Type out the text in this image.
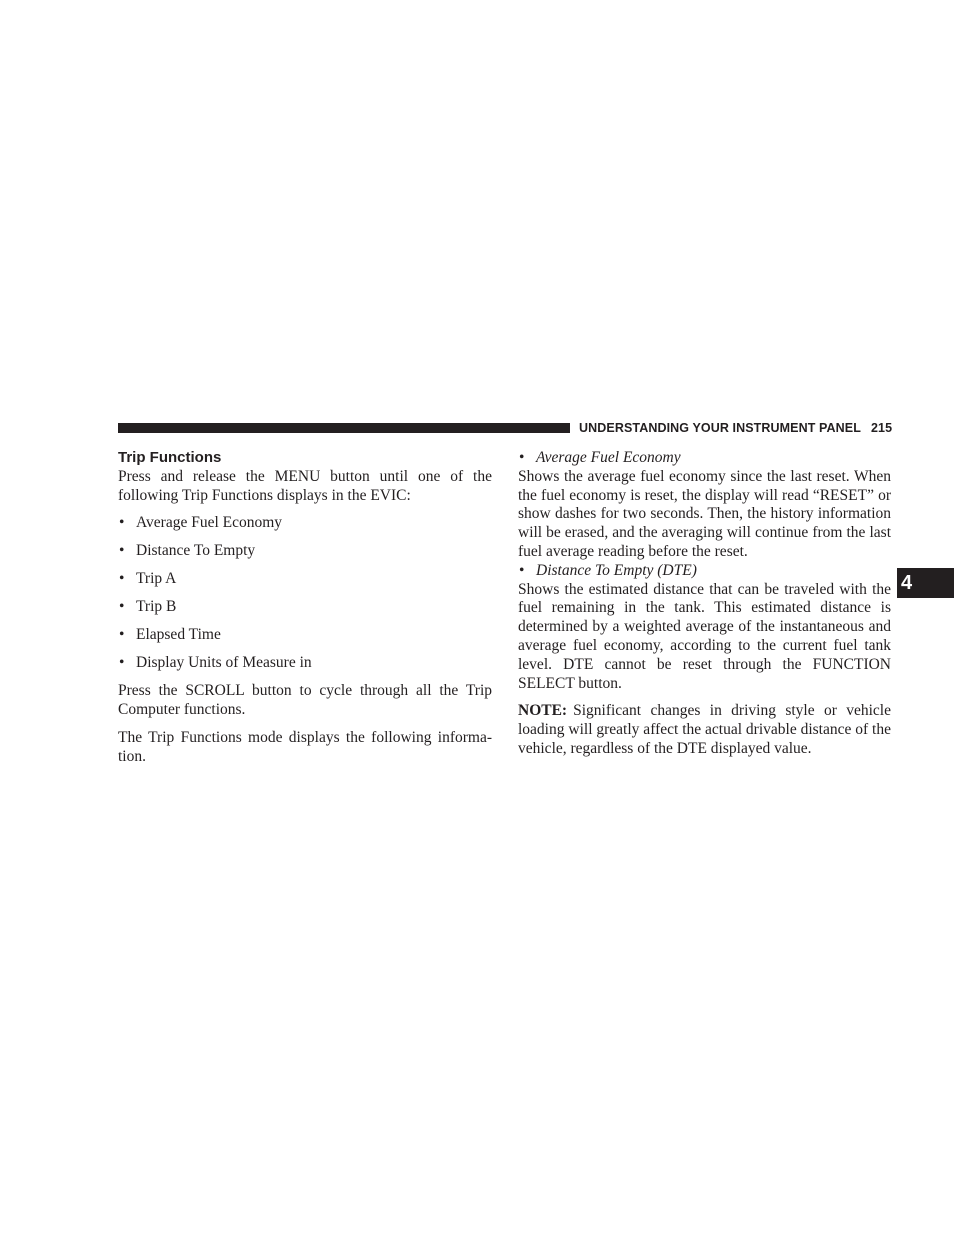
UNDERSTANDING YOUR INSTRUMENT PANEL 215
4
Trip Functions

Press and release the MENU button until one of the following Trip Functions displays in the EVIC:

• Average Fuel Economy
• Distance To Empty
• Trip A
• Trip B
• Elapsed Time
• Display Units of Measure in

Press the SCROLL button to cycle through all the Trip Computer functions.

The Trip Functions mode displays the following informa- tion.

• Average Fuel Economy

Shows the average fuel economy since the last reset. When the fuel economy is reset, the display will read “RESET” or show dashes for two seconds. Then, the history information will be erased, and the averaging will continue from the last fuel average reading before the reset.

• Distance To Empty (DTE)

Shows the estimated distance that can be traveled with the fuel remaining in the tank. This estimated distance is determined by a weighted average of the instantaneous and average fuel economy, according to the current fuel tank level. DTE cannot be reset through the FUNCTION SELECT button.

NOTE: Significant changes in driving style or vehicle loading will greatly affect the actual drivable distance of the vehicle, regardless of the DTE displayed value.
